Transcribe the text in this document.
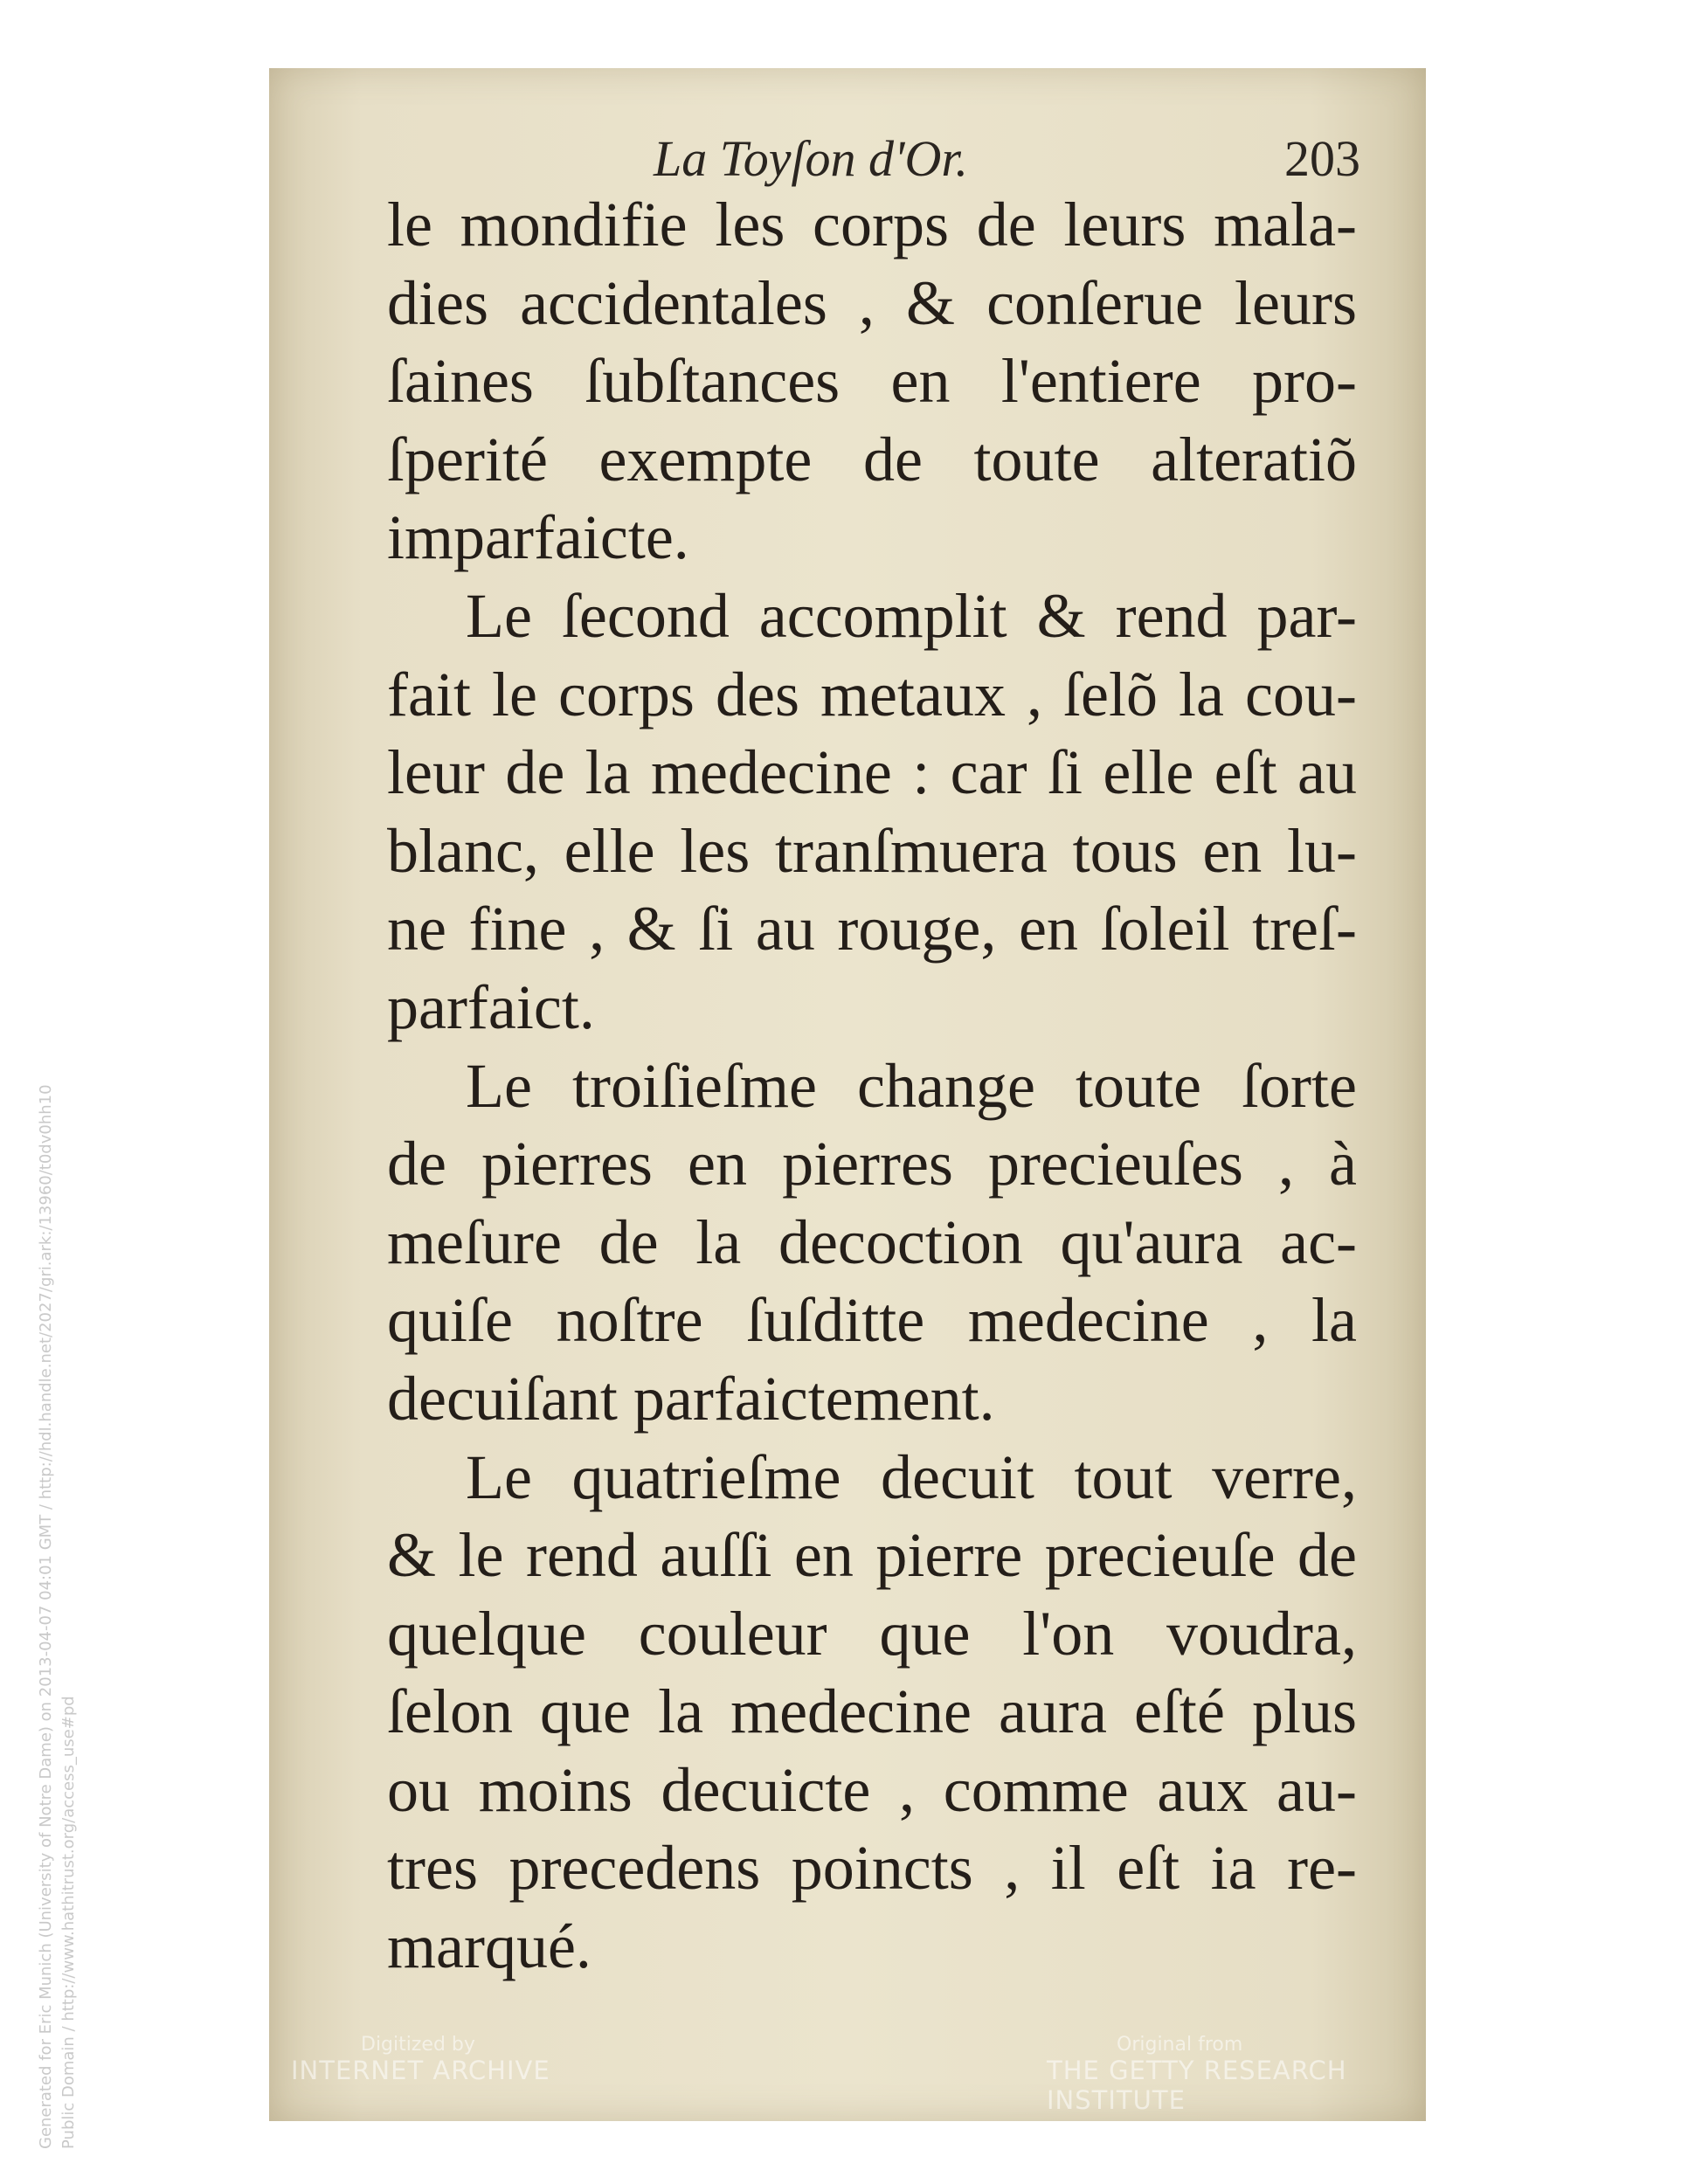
Generated for Eric Munich (University of Notre Dame) on 2013-04-07 04:01 GMT / http://hdl.handle.net/2027/gri.ark:/13960/t0dv0hh10 Public Domain / http://www.hathitrust.org/access_use#pd
La Toyſon d'Or.	203
le mondifie les corps de leurs mala-
dies accidentales , & conſerue leurs
ſaines ſubſtances en l'entiere pro-
ſperité exempte de toute alteratiõ
imparfaicte.
Le ſecond accomplit & rend par-
fait le corps des metaux , ſelõ la cou-
leur de la medecine : car ſi elle eſt au
blanc, elle les tranſmuera tous en lu-
ne fine , & ſi au rouge, en ſoleil treſ-
parfaict.
Le troiſieſme change toute ſorte
de pierres en pierres precieuſes , à
meſure de la decoction qu'aura ac-
quiſe noſtre ſuſditte medecine , la
decuiſant parfaictement.
Le quatrieſme decuit tout verre,
& le rend auſſi en pierre precieuſe de
quelque couleur que l'on voudra,
ſelon que la medecine aura eſté plus
ou moins decuicte , comme aux au-
tres precedens poincts , il eſt ia re-
marqué.
Digitized by
INTERNET ARCHIVE
Original from
THE GETTY RESEARCH INSTITUTE
